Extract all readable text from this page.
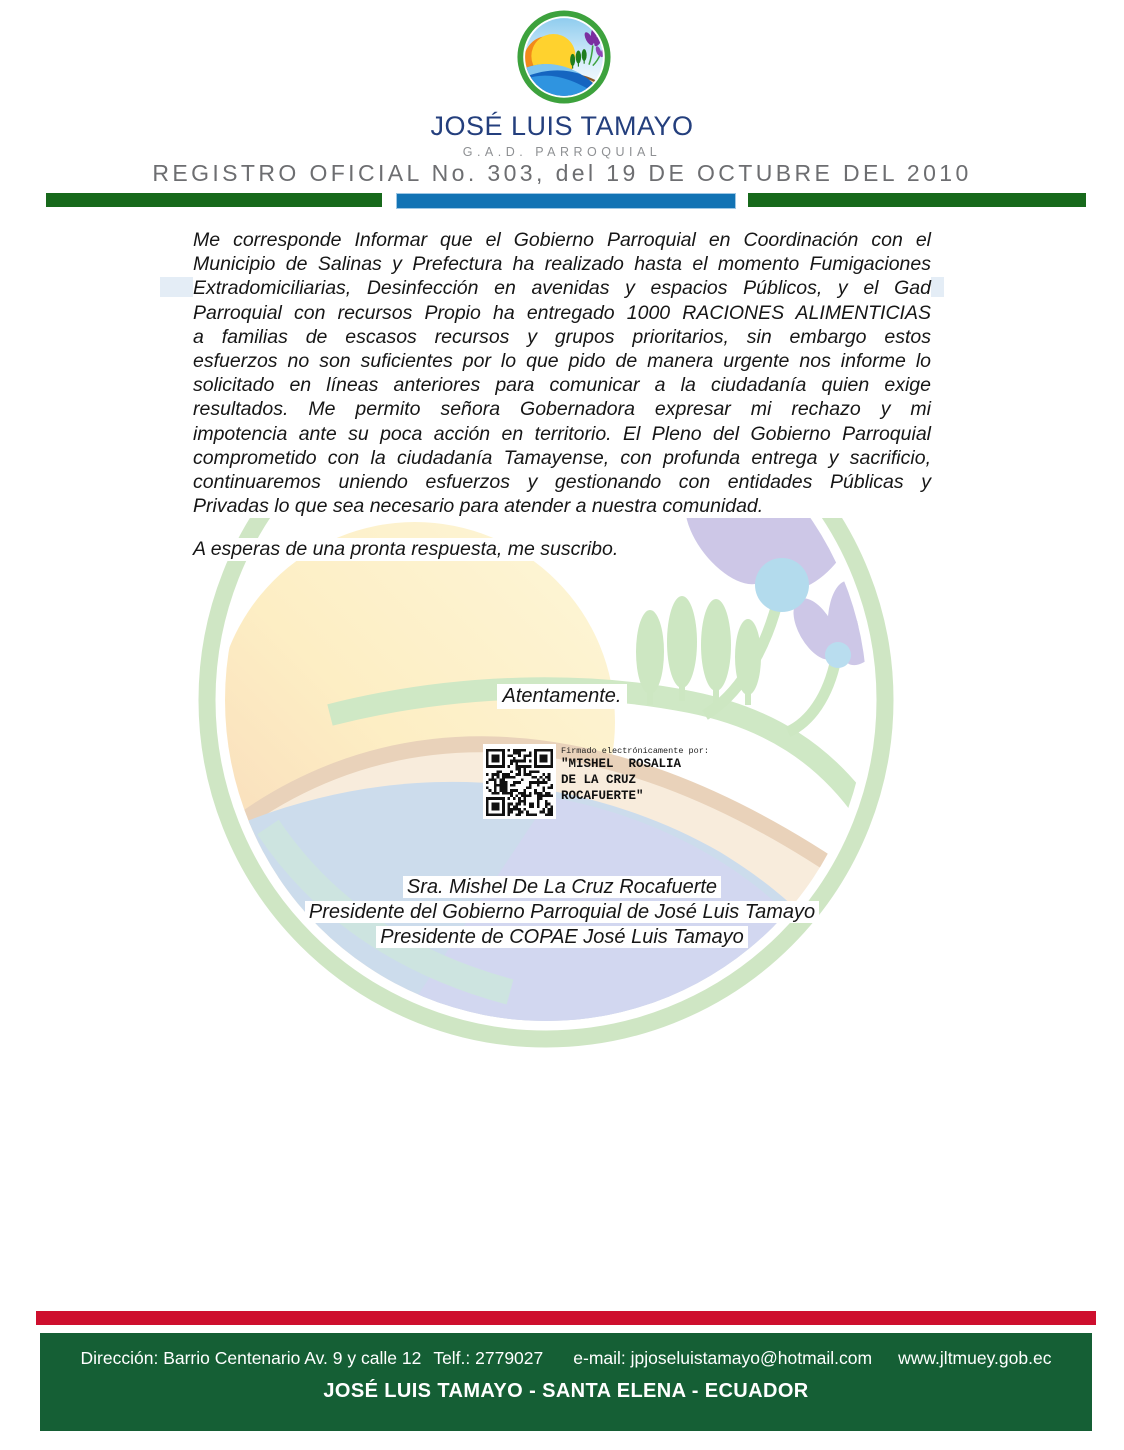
JOSÉ LUIS TAMAYO
G.A.D. PARROQUIAL
REGISTRO OFICIAL No. 303, del 19 DE OCTUBRE DEL 2010
Me corresponde Informar que el Gobierno Parroquial en Coordinación con el
Municipio de Salinas y Prefectura ha realizado hasta el momento Fumigaciones
Extradomiciliarias, Desinfección en avenidas y espacios Públicos, y el Gad
Parroquial con recursos Propio ha entregado 1000 RACIONES ALIMENTICIAS
a familias de escasos recursos y grupos prioritarios, sin embargo estos
esfuerzos no son suficientes por lo que pido de manera urgente nos informe lo
solicitado en líneas anteriores para comunicar a la ciudadanía quien exige
resultados. Me permito señora Gobernadora expresar mi rechazo y mi
impotencia ante su poca acción en territorio. El Pleno del Gobierno Parroquial
comprometido con la ciudadanía Tamayense, con profunda entrega y sacrificio,
continuaremos uniendo esfuerzos y gestionando con entidades Públicas y
Privadas lo que sea necesario para atender a nuestra comunidad.
A esperas de una pronta respuesta, me suscribo.
Atentamente.
Firmado electrónicamente por:
"MISHEL  ROSALIA
DE LA CRUZ
ROCAFUERTE"
Sra. Mishel De La Cruz Rocafuerte
Presidente del Gobierno Parroquial de José Luis Tamayo
Presidente de COPAE José Luis Tamayo
Dirección: Barrio Centenario Av. 9 y calle 12 Telf.: 2779027 e-mail: jpjoseluistamayo@hotmail.com www.jltmuey.gob.ec
JOSÉ LUIS TAMAYO - SANTA ELENA - ECUADOR
